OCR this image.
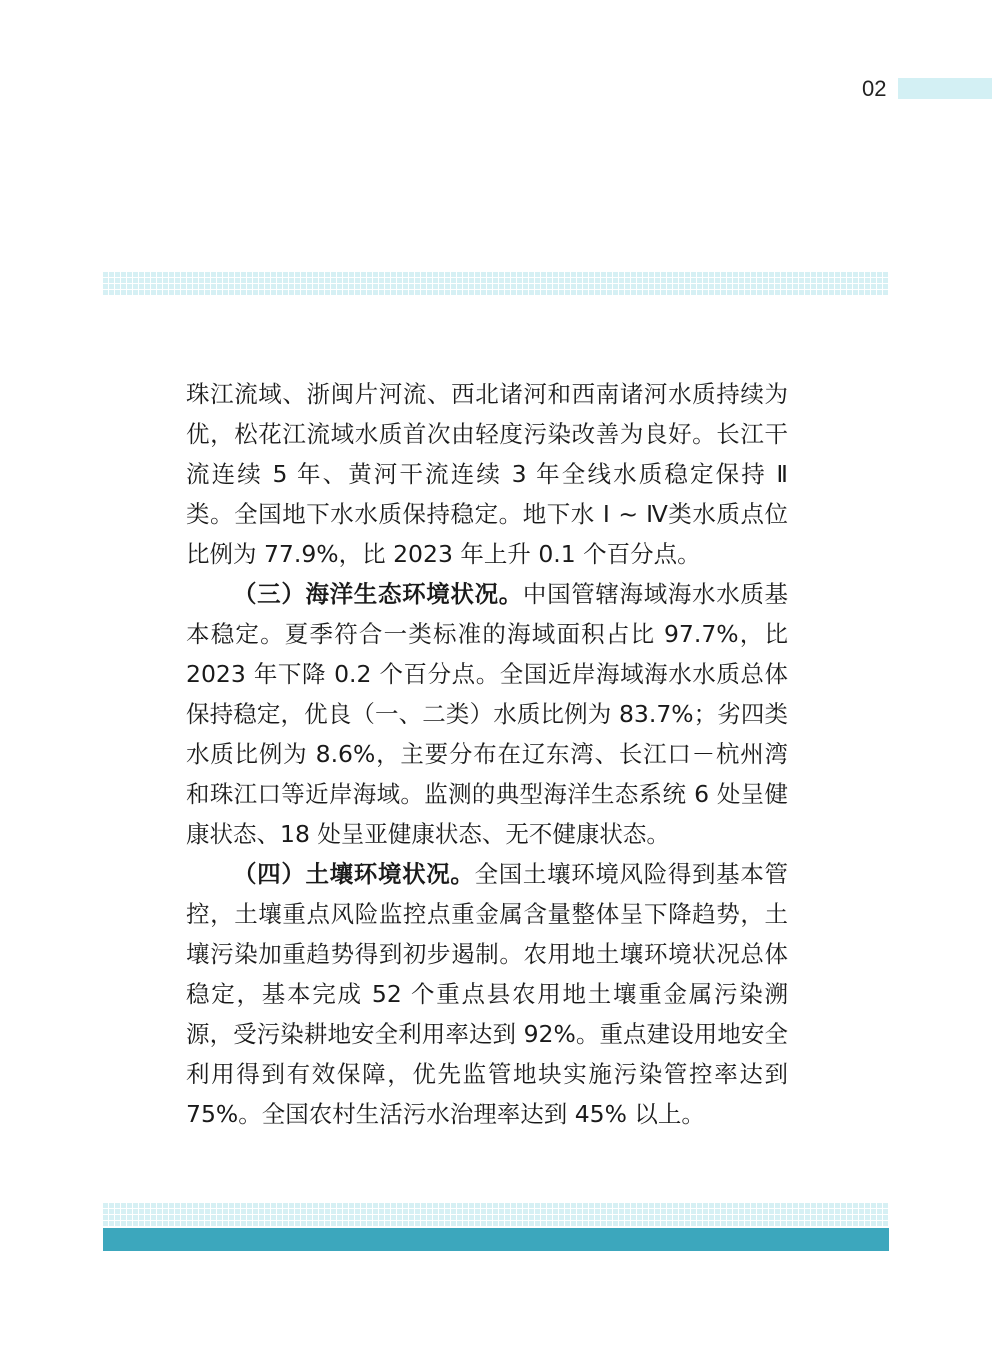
02

珠江流域、浙闽片河流、西北诸河和西南诸河水质持续为优，松花江流域水质首次由轻度污染改善为良好。长江干流连续 5 年、黄河干流连续 3 年全线水质稳定保持 Ⅱ 类。全国地下水水质保持稳定。地下水 Ⅰ ~ Ⅳ类水质点位比例为 77.9%，比 2023 年上升 0.1 个百分点。

（三）海洋生态环境状况。中国管辖海域海水水质基本稳定。夏季符合一类标准的海域面积占比 97.7%，比 2023 年下降 0.2 个百分点。全国近岸海域海水水质总体保持稳定，优良（一、二类）水质比例为 83.7%；劣四类水质比例为 8.6%，主要分布在辽东湾、长江口－杭州湾和珠江口等近岸海域。监测的典型海洋生态系统 6 处呈健康状态、18 处呈亚健康状态、无不健康状态。

（四）土壤环境状况。全国土壤环境风险得到基本管控，土壤重点风险监控点重金属含量整体呈下降趋势，土壤污染加重趋势得到初步遏制。农用地土壤环境状况总体稳定，基本完成 52 个重点县农用地土壤重金属污染溯源，受污染耕地安全利用率达到 92%。重点建设用地安全利用得到有效保障，优先监管地块实施污染管控率达到 75%。全国农村生活污水治理率达到 45% 以上。
